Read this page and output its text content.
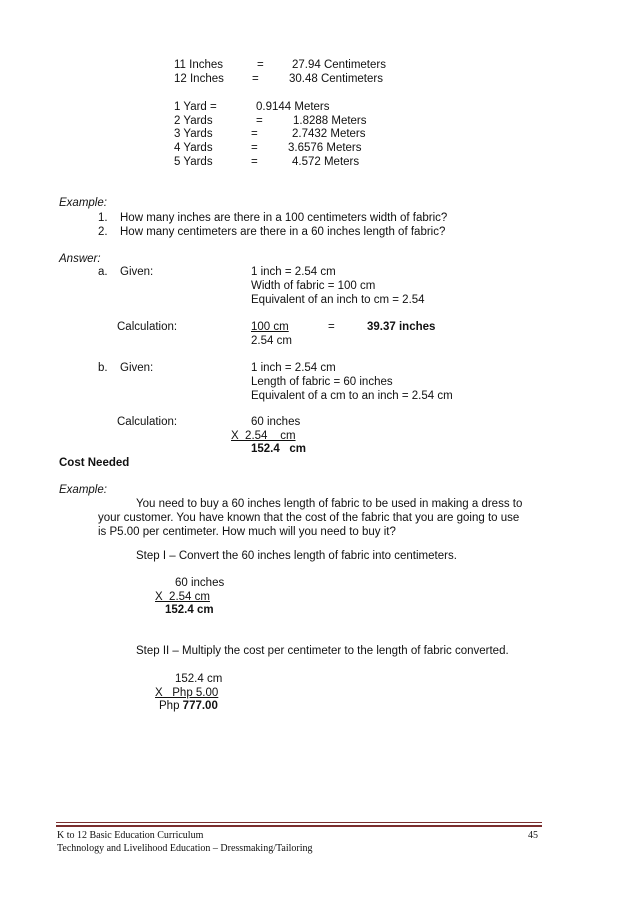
11 Inches	= 27.94 Centimeters
12 Inches =	30.48 Centimeters
1 Yard =	0.9144 Meters
2 Yards	=	1.8288 Meters
3 Yards	=	2.7432 Meters
4 Yards	=	3.6576 Meters
5 Yards	=	4.572 Meters
Example:
1. How many inches are there in a 100 centimeters width of fabric?
2. How many centimeters are there in a 60 inches length of fabric?
Answer:
a. Given:	1 inch = 2.54 cm
Width of fabric = 100 cm
Equivalent of an inch to cm = 2.54
Calculation:	100 cm	=	39.37 inches
2.54 cm
b. Given:	1 inch = 2.54 cm
Length of fabric = 60 inches
Equivalent of a cm to an inch = 2.54 cm
Calculation:	60 inches
X  2.54    cm
152.4   cm
Cost Needed
Example:
You need to buy a 60 inches length of fabric to be used in making a dress to
your customer. You have known that the cost of the fabric that you are going to use
is P5.00 per centimeter. How much will you need to buy it?
Step I – Convert the 60 inches length of fabric into centimeters.
60 inches
X  2.54 cm
152.4 cm
Step II – Multiply the cost per centimeter to the length of fabric converted.
152.4 cm
X   Php 5.00
Php 777.00
K to 12 Basic Education Curriculum	45
Technology and Livelihood Education – Dressmaking/Tailoring
